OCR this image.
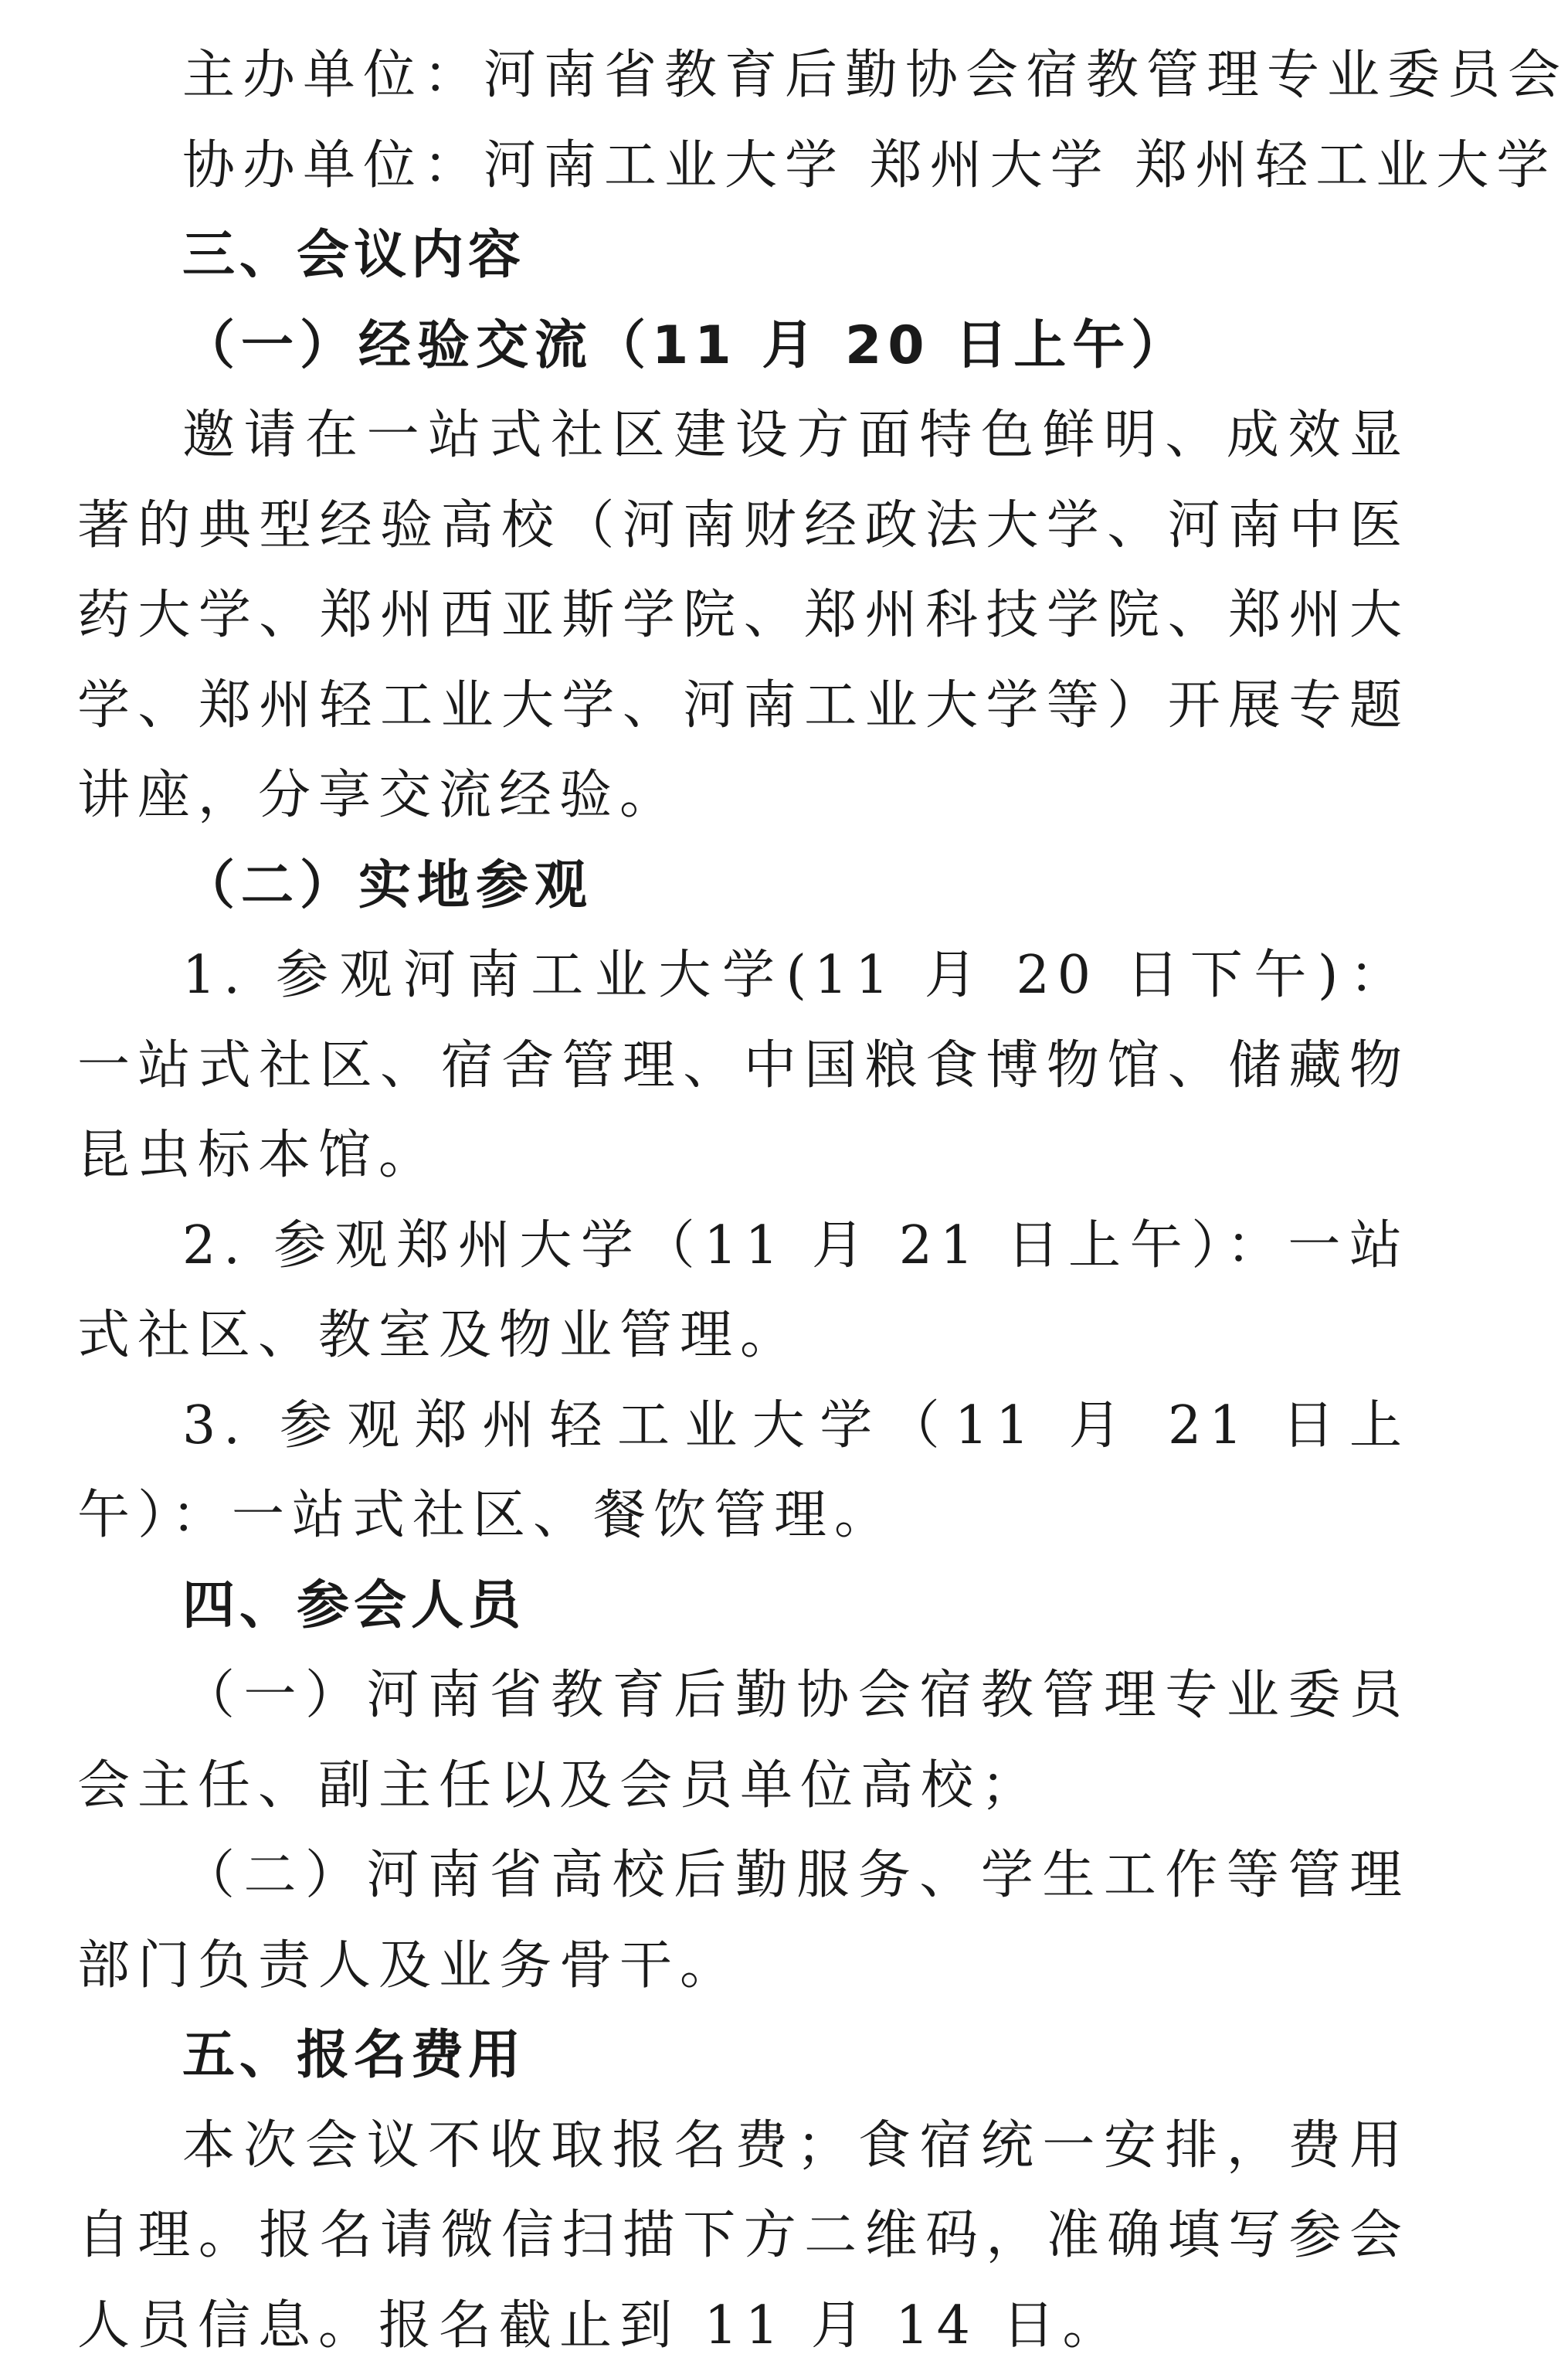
主办单位：河南省教育后勤协会宿教管理专业委员会
协办单位：河南工业大学 郑州大学 郑州轻工业大学
三、会议内容
（一）经验交流（11 月 20 日上午）
邀请在一站式社区建设方面特色鲜明、成效显著的典型经验高校（河南财经政法大学、河南中医药大学、郑州西亚斯学院、郑州科技学院、郑州大学、郑州轻工业大学、河南工业大学等）开展专题讲座，分享交流经验。
（二）实地参观
1. 参观河南工业大学(11 月 20 日下午)：一站式社区、宿舍管理、中国粮食博物馆、储藏物昆虫标本馆。
2. 参观郑州大学（11 月 21 日上午）：一站式社区、教室及物业管理。
3. 参观郑州轻工业大学（11 月 21 日上午）：一站式社区、餐饮管理。
四、参会人员
（一）河南省教育后勤协会宿教管理专业委员会主任、副主任以及会员单位高校；
（二）河南省高校后勤服务、学生工作等管理部门负责人及业务骨干。
五、报名费用
本次会议不收取报名费；食宿统一安排，费用自理。报名请微信扫描下方二维码，准确填写参会人员信息。报名截止到 11 月 14 日。
